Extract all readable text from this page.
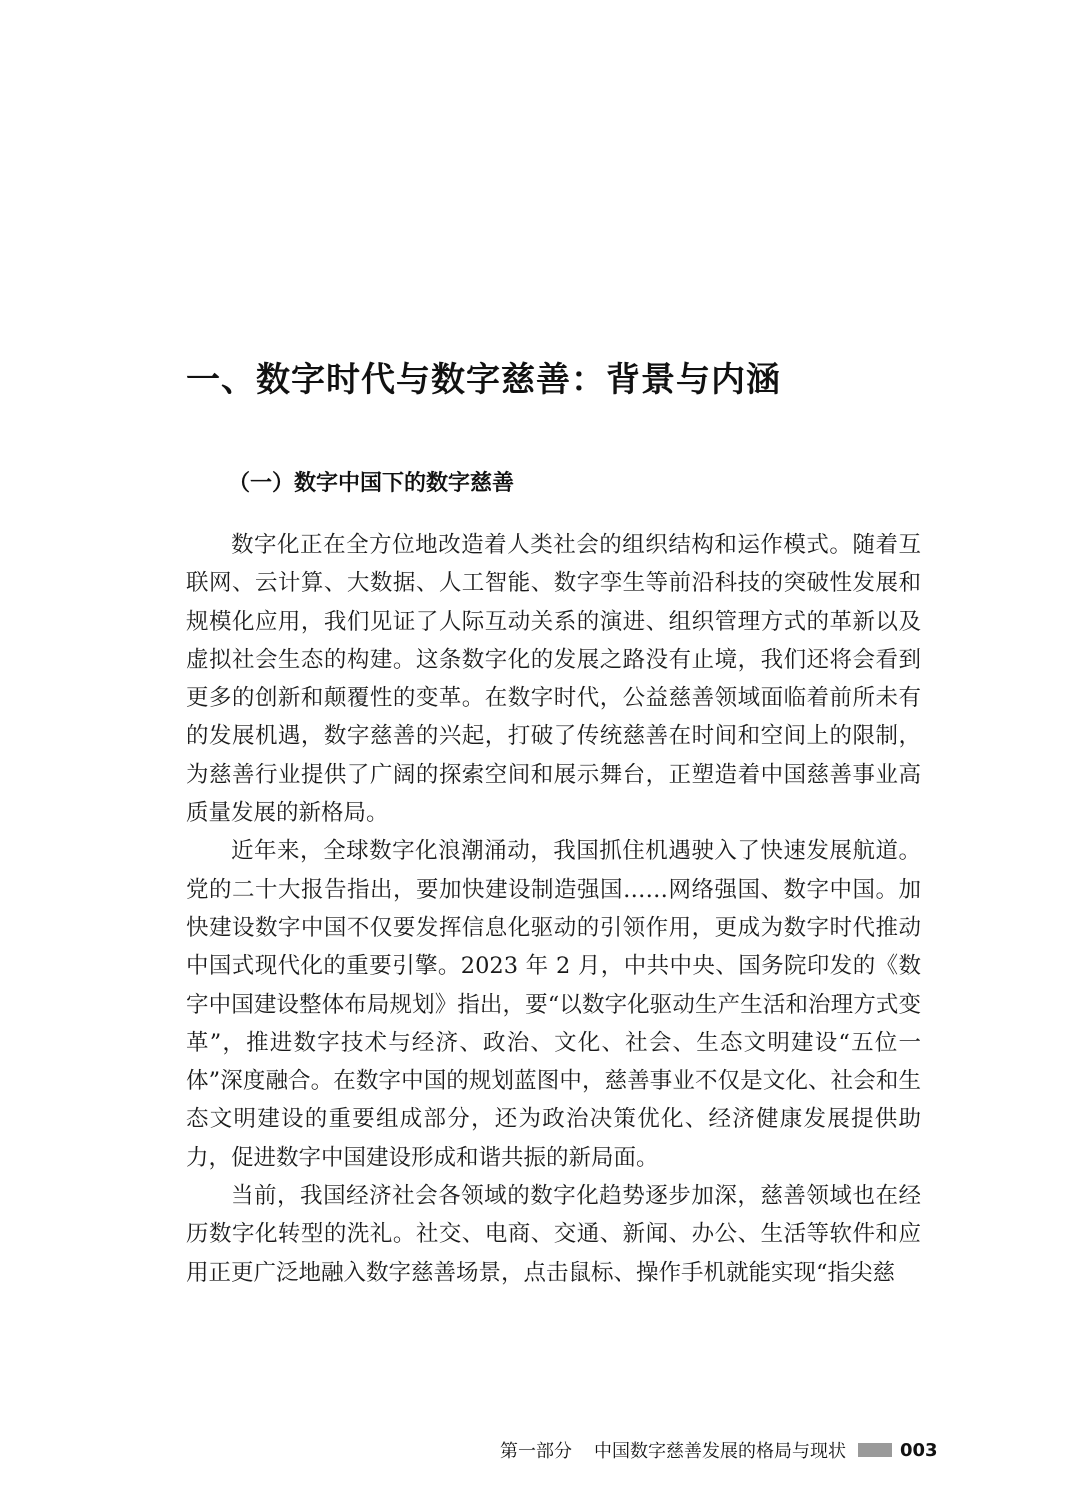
一、数字时代与数字慈善：背景与内涵
（一）数字中国下的数字慈善

数字化正在全方位地改造着人类社会的组织结构和运作模式。随着互联网、云计算、大数据、人工智能、数字孪生等前沿科技的突破性发展和规模化应用，我们见证了人际互动关系的演进、组织管理方式的革新以及虚拟社会生态的构建。这条数字化的发展之路没有止境，我们还将会看到更多的创新和颠覆性的变革。在数字时代，公益慈善领域面临着前所未有的发展机遇，数字慈善的兴起，打破了传统慈善在时间和空间上的限制，为慈善行业提供了广阔的探索空间和展示舞台，正塑造着中国慈善事业高质量发展的新格局。

近年来，全球数字化浪潮涌动，我国抓住机遇驶入了快速发展航道。党的二十大报告指出，要加快建设制造强国……网络强国、数字中国。加快建设数字中国不仅要发挥信息化驱动的引领作用，更成为数字时代推动中国式现代化的重要引擎。2023 年 2 月，中共中央、国务院印发的《数字中国建设整体布局规划》指出，要“以数字化驱动生产生活和治理方式变革”，推进数字技术与经济、政治、文化、社会、生态文明建设“五位一体”深度融合。在数字中国的规划蓝图中，慈善事业不仅是文化、社会和生态文明建设的重要组成部分，还为政治决策优化、经济健康发展提供助力，促进数字中国建设形成和谐共振的新局面。

当前，我国经济社会各领域的数字化趋势逐步加深，慈善领域也在经历数字化转型的洗礼。社交、电商、交通、新闻、办公、生活等软件和应用正更广泛地融入数字慈善场景，点击鼠标、操作手机就能实现“指尖慈

第一部分 中国数字慈善发展的格局与现状	003
